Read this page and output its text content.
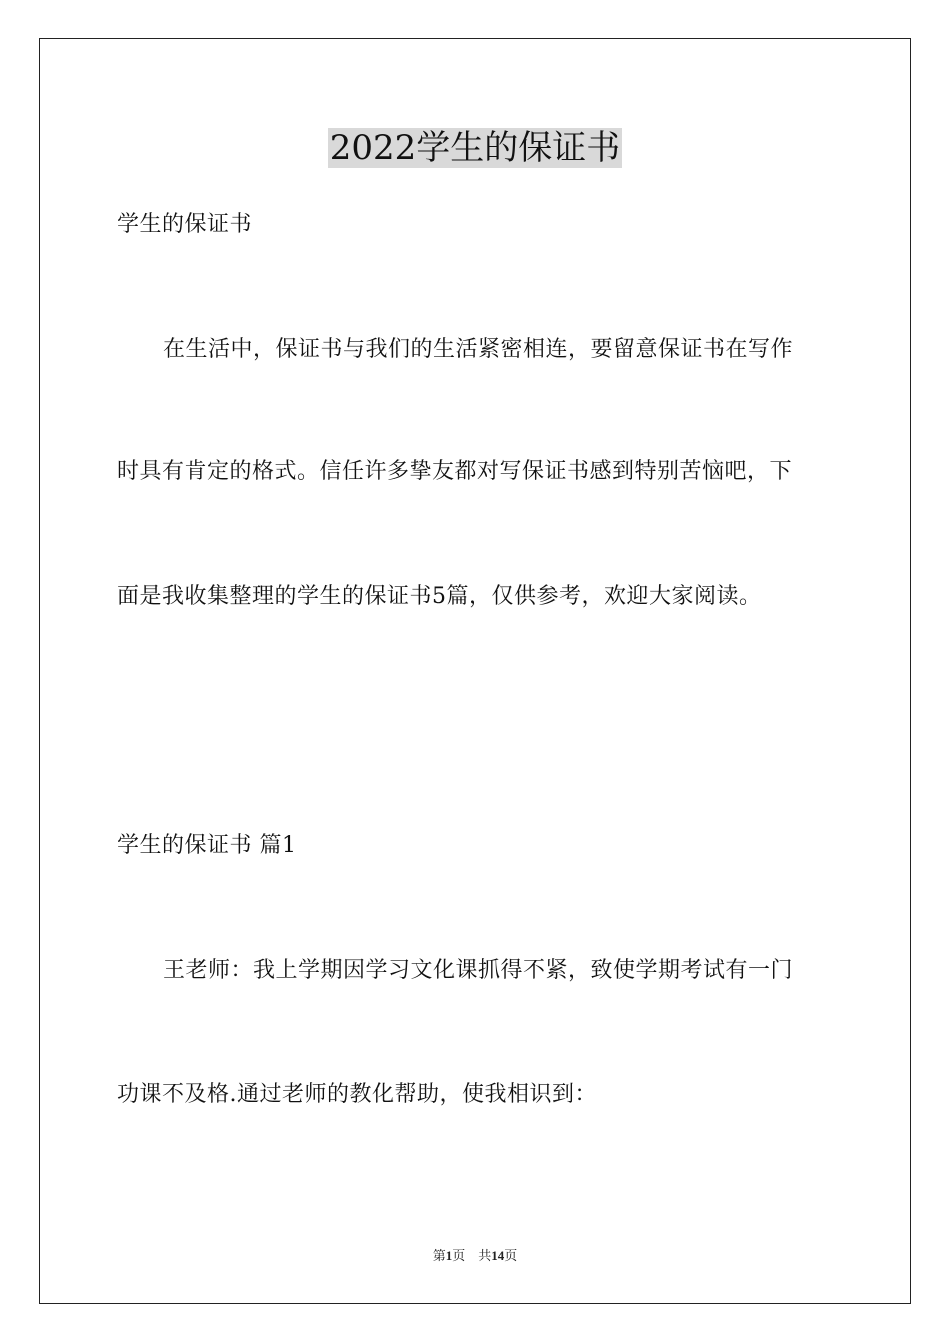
2022学生的保证书

学生的保证书

在生活中，保证书与我们的生活紧密相连，要留意保证书在写作

时具有肯定的格式。信任许多挚友都对写保证书感到特别苦恼吧，下

面是我收集整理的学生的保证书5篇，仅供参考，欢迎大家阅读。

学生的保证书 篇1

王老师：我上学期因学习文化课抓得不紧，致使学期考试有一门

功课不及格.通过老师的教化帮助，使我相识到：

第1页 共14页
